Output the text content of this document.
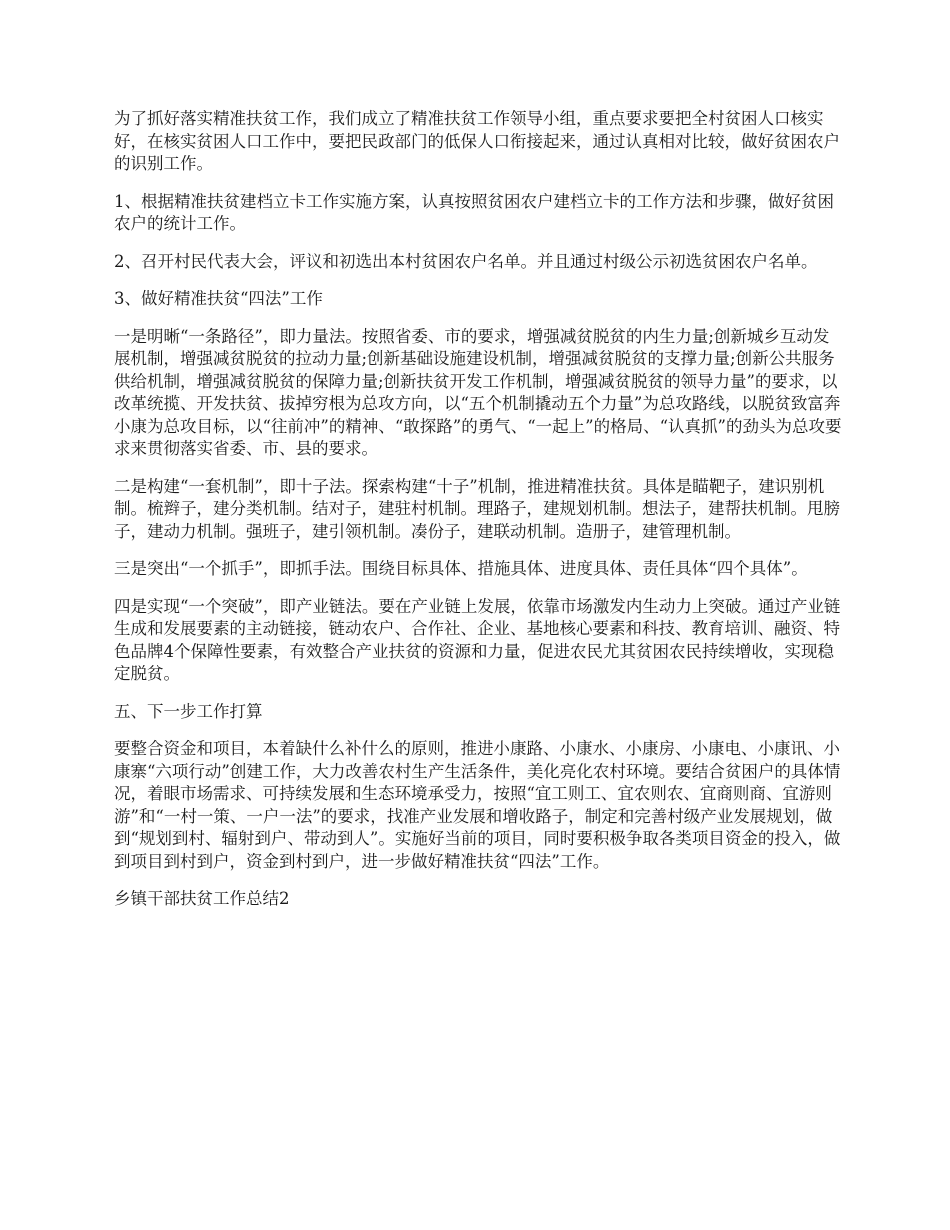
为了抓好落实精准扶贫工作，我们成立了精准扶贫工作领导小组，重点要求要把全村贫困人口核实好，在核实贫困人口工作中，要把民政部门的低保人口衔接起来，通过认真相对比较，做好贫困农户的识别工作。

1、根据精准扶贫建档立卡工作实施方案，认真按照贫困农户建档立卡的工作方法和步骤，做好贫困农户的统计工作。

2、召开村民代表大会，评议和初选出本村贫困农户名单。并且通过村级公示初选贫困农户名单。

3、做好精准扶贫“四法”工作

一是明晰“一条路径”，即力量法。按照省委、市的要求，增强减贫脱贫的内生力量;创新城乡互动发展机制，增强减贫脱贫的拉动力量;创新基础设施建设机制，增强减贫脱贫的支撑力量;创新公共服务供给机制，增强减贫脱贫的保障力量;创新扶贫开发工作机制，增强减贫脱贫的领导力量”的要求，以改革统揽、开发扶贫、拔掉穷根为总攻方向，以“五个机制撬动五个力量”为总攻路线，以脱贫致富奔小康为总攻目标，以“往前冲”的精神、“敢探路”的勇气、“一起上”的格局、“认真抓”的劲头为总攻要求来贯彻落实省委、市、县的要求。

二是构建“一套机制”，即十子法。探索构建“十子”机制，推进精准扶贫。具体是瞄靶子，建识别机制。梳辫子，建分类机制。结对子，建驻村机制。理路子，建规划机制。想法子，建帮扶机制。甩膀子，建动力机制。强班子，建引领机制。凑份子，建联动机制。造册子，建管理机制。

三是突出“一个抓手”，即抓手法。围绕目标具体、措施具体、进度具体、责任具体“四个具体”。

四是实现“一个突破”，即产业链法。要在产业链上发展，依靠市场激发内生动力上突破。通过产业链生成和发展要素的主动链接，链动农户、合作社、企业、基地核心要素和科技、教育培训、融资、特色品牌4个保障性要素，有效整合产业扶贫的资源和力量，促进农民尤其贫困农民持续增收，实现稳定脱贫。

五、下一步工作打算

要整合资金和项目，本着缺什么补什么的原则，推进小康路、小康水、小康房、小康电、小康讯、小康寨“六项行动”创建工作，大力改善农村生产生活条件，美化亮化农村环境。要结合贫困户的具体情况，着眼市场需求、可持续发展和生态环境承受力，按照“宜工则工、宜农则农、宜商则商、宜游则游”和“一村一策、一户一法”的要求，找准产业发展和增收路子，制定和完善村级产业发展规划，做到“规划到村、辐射到户、带动到人”。实施好当前的项目，同时要积极争取各类项目资金的投入，做到项目到村到户，资金到村到户，进一步做好精准扶贫“四法”工作。

乡镇干部扶贫工作总结2
